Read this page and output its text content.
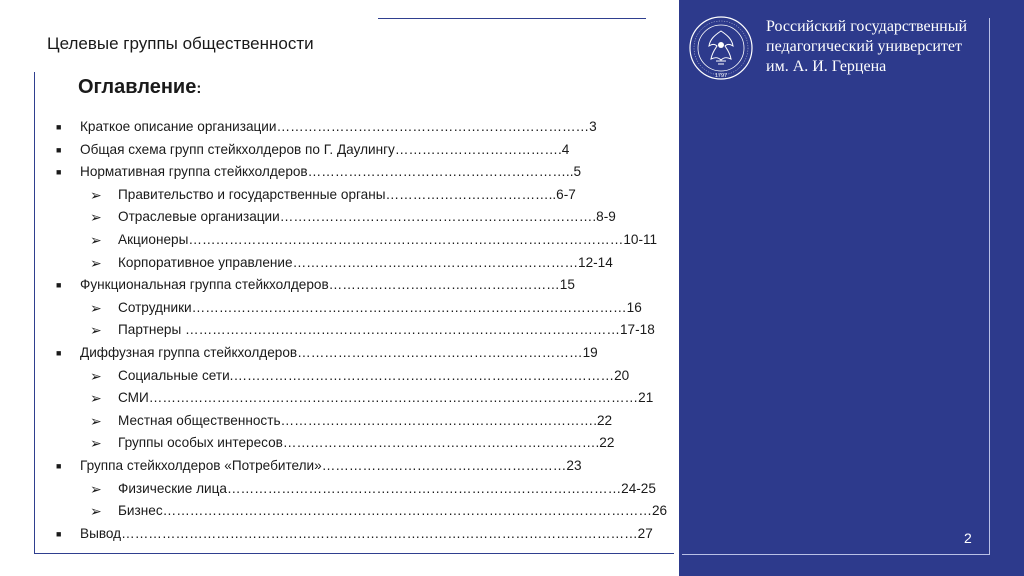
Целевые группы общественности
Оглавление:
■	Краткое описание организации……………………………………………………………3
■	Общая схема групп стейкхолдеров по Г. Даулингу……………………………….4
■	Нормативная группа стейкхолдеров…………………………………………………..5
➢ Правительство и государственные органы………………………………..6-7
➢ Отраслевые организации…………………………………………………………….8-9
➢ Акционеры……………………………………………………………………………………10-11
➢ Корпоративное управление………………………………………………………12-14
■	Функциональная группа стейкхолдеров……………………………………………15
➢ Сотрудники……………………………………………………………………………………16
➢ Партнеры ……………………………………………………………………………………17-18
■	Диффузная группа стейкхолдеров………………………………………………………19
➢ Социальные сети.…………………………………………………………………………20
➢ СМИ………………………………………………………………………………………………21
➢ Местная общественность…………………………………………………………….22
➢ Группы особых интересов…………………………………………………………….22
■	Группа стейкхолдеров «Потребители»………………………………………………23
➢ Физические лица……………………………………………………………………………24-25
➢ Бизнес………………………………………………………………………………………………26
■	Вывод……………………………………………………………………………………………………27
1797
Российский государственный
педагогический университет
им. А. И. Герцена
2
